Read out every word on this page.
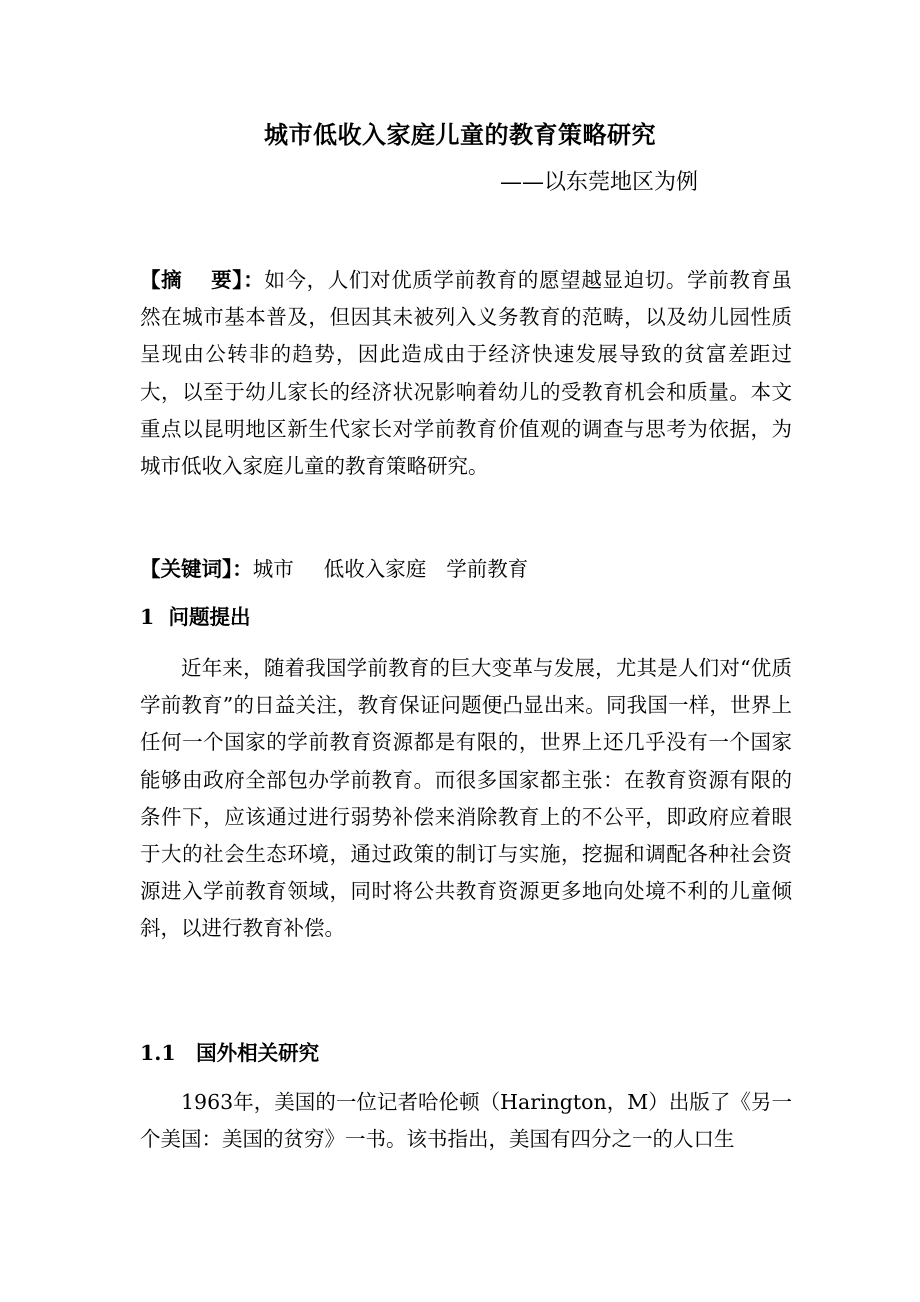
城市低收入家庭儿童的教育策略研究
——以东莞地区为例
【摘　 要】：如今，人们对优质学前教育的愿望越显迫切。学前教育虽然在城市基本普及，但因其未被列入义务教育的范畴，以及幼儿园性质呈现由公转非的趋势，因此造成由于经济快速发展导致的贫富差距过大，以至于幼儿家长的经济状况影响着幼儿的受教育机会和质量。本文重点以昆明地区新生代家长对学前教育价值观的调查与思考为依据，为城市低收入家庭儿童的教育策略研究。
【关键词】：城市 低收入家庭 学前教育
1  问题提出
近年来，随着我国学前教育的巨大变革与发展，尤其是人们对“优质学前教育”的日益关注，教育保证问题便凸显出来。同我国一样，世界上任何一个国家的学前教育资源都是有限的，世界上还几乎没有一个国家能够由政府全部包办学前教育。而很多国家都主张：在教育资源有限的条件下，应该通过进行弱势补偿来消除教育上的不公平，即政府应着眼于大的社会生态环境，通过政策的制订与实施，挖掘和调配各种社会资源进入学前教育领域，同时将公共教育资源更多地向处境不利的儿童倾斜，以进行教育补偿。
1.1　国外相关研究
1963年，美国的一位记者哈伦顿（Harington，M）出版了《另一个美国：美国的贫穷》一书。该书指出，美国有四分之一的人口生
